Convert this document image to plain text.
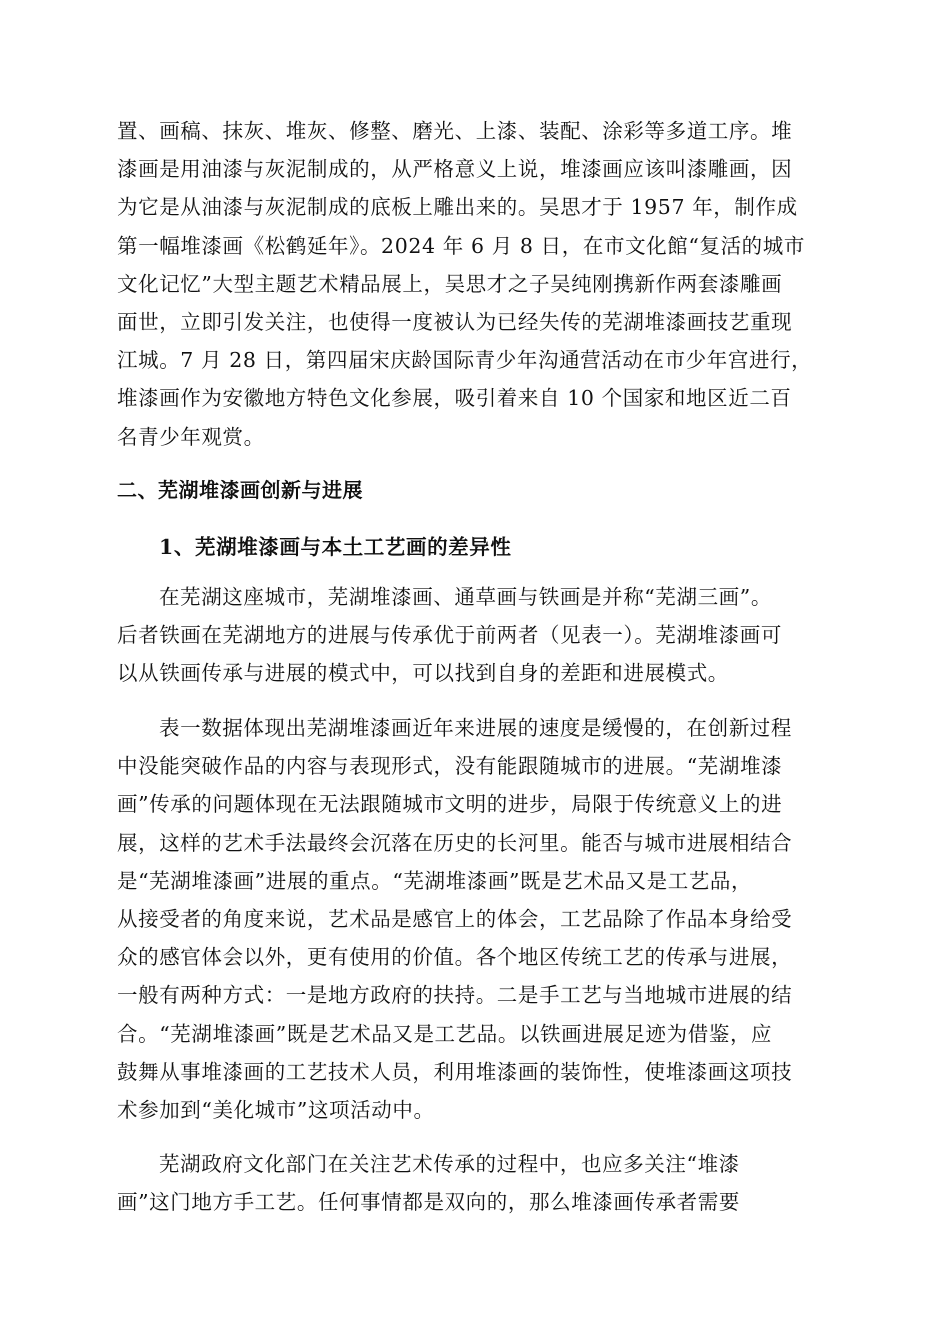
置、画稿、抹灰、堆灰、修整、磨光、上漆、装配、涂彩等多道工序。堆
漆画是用油漆与灰泥制成的，从严格意义上说，堆漆画应该叫漆雕画，因
为它是从油漆与灰泥制成的底板上雕出来的。吴思才于 1957 年，制作成
第一幅堆漆画《松鹤延年》。2024 年 6 月 8 日，在市文化館“复活的城市
文化记忆”大型主题艺术精品展上，吴思才之子吴纯刚携新作两套漆雕画
面世，立即引发关注，也使得一度被认为已经失传的芜湖堆漆画技艺重现
江城。7 月 28 日，第四届宋庆龄国际青少年沟通营活动在市少年宫进行，
堆漆画作为安徽地方特色文化参展，吸引着来自 10 个国家和地区近二百
名青少年观赏。
二、芜湖堆漆画创新与进展
1、芜湖堆漆画与本土工艺画的差异性
在芜湖这座城市，芜湖堆漆画、通草画与铁画是并称“芜湖三画”。
后者铁画在芜湖地方的进展与传承优于前两者（见表一）。芜湖堆漆画可
以从铁画传承与进展的模式中，可以找到自身的差距和进展模式。
表一数据体现出芜湖堆漆画近年来进展的速度是缓慢的，在创新过程
中没能突破作品的内容与表现形式，没有能跟随城市的进展。“芜湖堆漆
画”传承的问题体现在无法跟随城市文明的进步，局限于传统意义上的进
展，这样的艺术手法最终会沉落在历史的长河里。能否与城市进展相结合
是“芜湖堆漆画”进展的重点。“芜湖堆漆画”既是艺术品又是工艺品，
从接受者的角度来说，艺术品是感官上的体会，工艺品除了作品本身给受
众的感官体会以外，更有使用的价值。各个地区传统工艺的传承与进展，
一般有两种方式：一是地方政府的扶持。二是手工艺与当地城市进展的结
合。“芜湖堆漆画”既是艺术品又是工艺品。以铁画进展足迹为借鉴，应
鼓舞从事堆漆画的工艺技术人员，利用堆漆画的装饰性，使堆漆画这项技
术参加到“美化城市”这项活动中。
芜湖政府文化部门在关注艺术传承的过程中，也应多关注“堆漆
画”这门地方手工艺。任何事情都是双向的，那么堆漆画传承者需要
